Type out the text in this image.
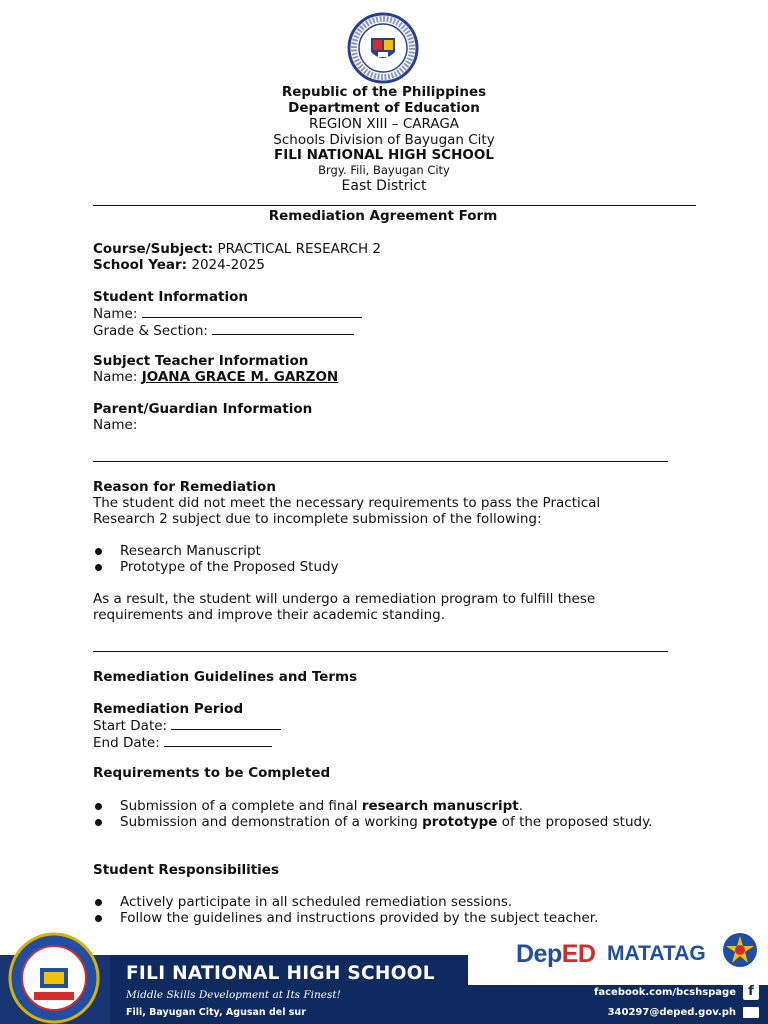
Republic of the Philippines
Department of Education
REGION XIII – CARAGA
Schools Division of Bayugan City
FILI NATIONAL HIGH SCHOOL
Brgy. Fili, Bayugan City
East District
Remediation Agreement Form

Course/Subject: PRACTICAL RESEARCH 2

School Year: 2024-2025

Student Information

Name:

Grade & Section:

Subject Teacher Information

Name: JOANA GRACE M. GARZON

Parent/Guardian Information

Name:

Reason for Remediation

The student did not meet the necessary requirements to pass the Practical Research 2 subject due to incomplete submission of the following:

Research Manuscript
Prototype of the Proposed Study
As a result, the student will undergo a remediation program to fulfill these requirements and improve their academic standing.

Remediation Guidelines and Terms

Remediation Period

Start Date:

End Date:

Requirements to be Completed

Submission of a complete and final research manuscript.
Submission and demonstration of a working prototype of the proposed study.

Student Responsibilities

Actively participate in all scheduled remediation sessions.
Follow the guidelines and instructions provided by the subject teacher.
FILI NATIONAL HIGH SCHOOL
Middle Skills Development at Its Finest!
Fili, Bayugan City, Agusan del sur
facebook.com/bcshspage f
340297@deped.gov.ph
DepED MATATAG
